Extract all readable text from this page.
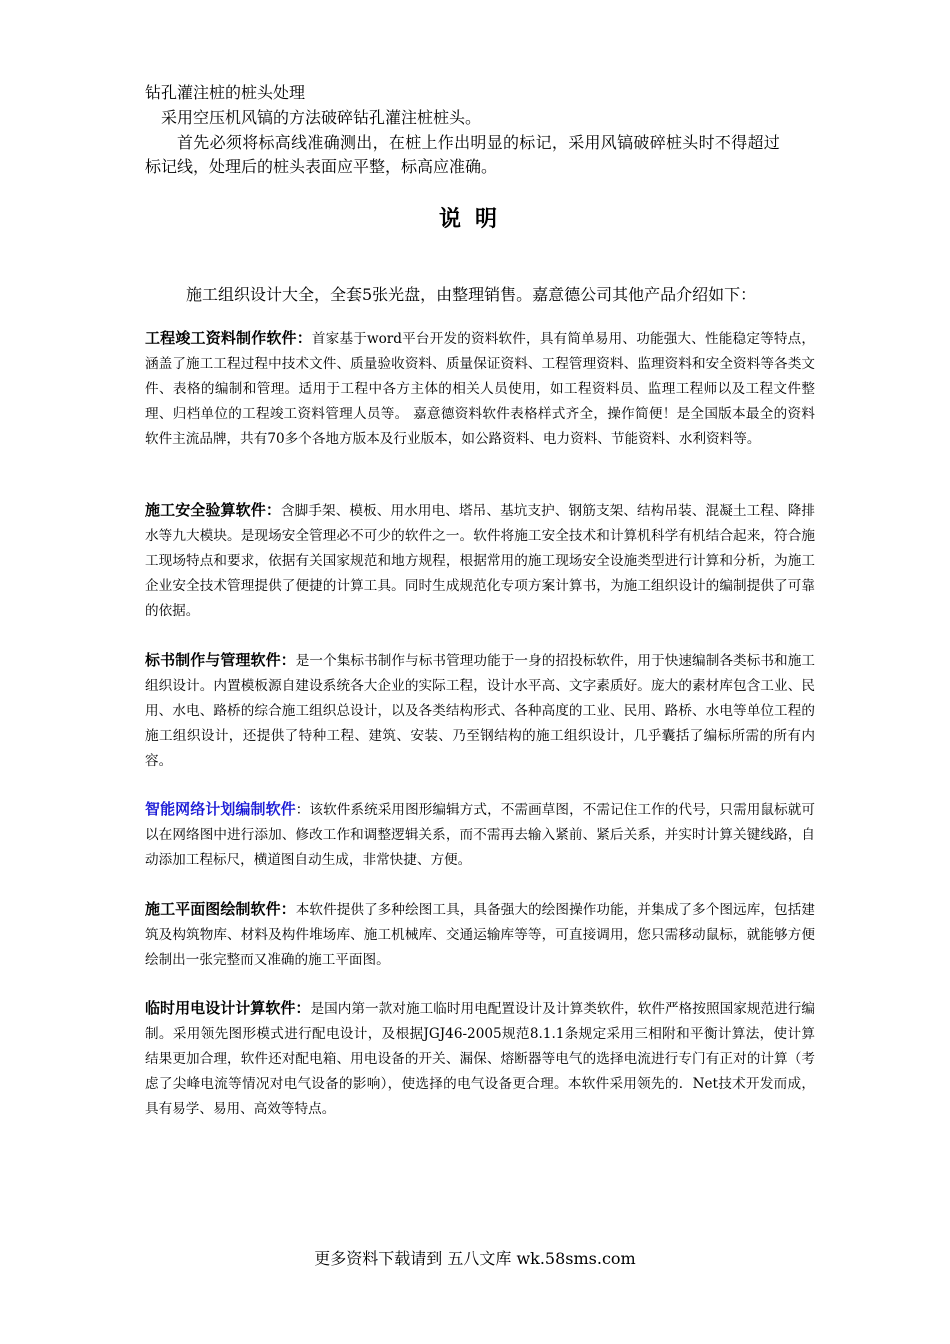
钻孔灌注桩的桩头处理
采用空压机风镐的方法破碎钻孔灌注桩桩头。
首先必须将标高线准确测出，在桩上作出明显的标记，采用风镐破碎桩头时不得超过
标记线，处理后的桩头表面应平整，标高应准确。
说明
施工组织设计大全，全套5张光盘，由整理销售。嘉意德公司其他产品介绍如下：
工程竣工资料制作软件：首家基于word平台开发的资料软件，具有简单易用、功能强大、性能稳定等特点，涵盖了施工工程过程中技术文件、质量验收资料、质量保证资料、工程管理资料、监理资料和安全资料等各类文件、表格的编制和管理。适用于工程中各方主体的相关人员使用，如工程资料员、监理工程师以及工程文件整理、归档单位的工程竣工资料管理人员等。 嘉意德资料软件表格样式齐全，操作简便！是全国版本最全的资料软件主流品牌，共有70多个各地方版本及行业版本，如公路资料、电力资料、节能资料、水利资料等。
施工安全验算软件：含脚手架、模板、用水用电、塔吊、基坑支护、钢筋支架、结构吊装、混凝土工程、降排水等九大模块。是现场安全管理必不可少的软件之一。软件将施工安全技术和计算机科学有机结合起来，符合施工现场特点和要求，依据有关国家规范和地方规程，根据常用的施工现场安全设施类型进行计算和分析，为施工企业安全技术管理提供了便捷的计算工具。同时生成规范化专项方案计算书，为施工组织设计的编制提供了可靠的依据。
标书制作与管理软件：是一个集标书制作与标书管理功能于一身的招投标软件，用于快速编制各类标书和施工组织设计。内置模板源自建设系统各大企业的实际工程，设计水平高、文字素质好。庞大的素材库包含工业、民用、水电、路桥的综合施工组织总设计，以及各类结构形式、各种高度的工业、民用、路桥、水电等单位工程的施工组织设计，还提供了特种工程、建筑、安装、乃至钢结构的施工组织设计，几乎囊括了编标所需的所有内容。
智能网络计划编制软件：该软件系统采用图形编辑方式，不需画草图，不需记住工作的代号，只需用鼠标就可以在网络图中进行添加、修改工作和调整逻辑关系，而不需再去输入紧前、紧后关系，并实时计算关键线路，自动添加工程标尺，横道图自动生成，非常快捷、方便。
施工平面图绘制软件：本软件提供了多种绘图工具，具备强大的绘图操作功能，并集成了多个图远库，包括建筑及构筑物库、材料及构件堆场库、施工机械库、交通运输库等等，可直接调用，您只需移动鼠标，就能够方便绘制出一张完整而又准确的施工平面图。
临时用电设计计算软件：是国内第一款对施工临时用电配置设计及计算类软件，软件严格按照国家规范进行编制。采用领先图形模式进行配电设计，及根据JGJ46-2005规范8.1.1条规定采用三相附和平衡计算法，使计算结果更加合理，软件还对配电箱、用电设备的开关、漏保、熔断器等电气的选择电流进行专门有正对的计算（考虑了尖峰电流等情况对电气设备的影响），使选择的电气设备更合理。本软件采用领先的．Net技术开发而成，具有易学、易用、高效等特点。
更多资料下载请到 五八文库 wk.58sms.com
